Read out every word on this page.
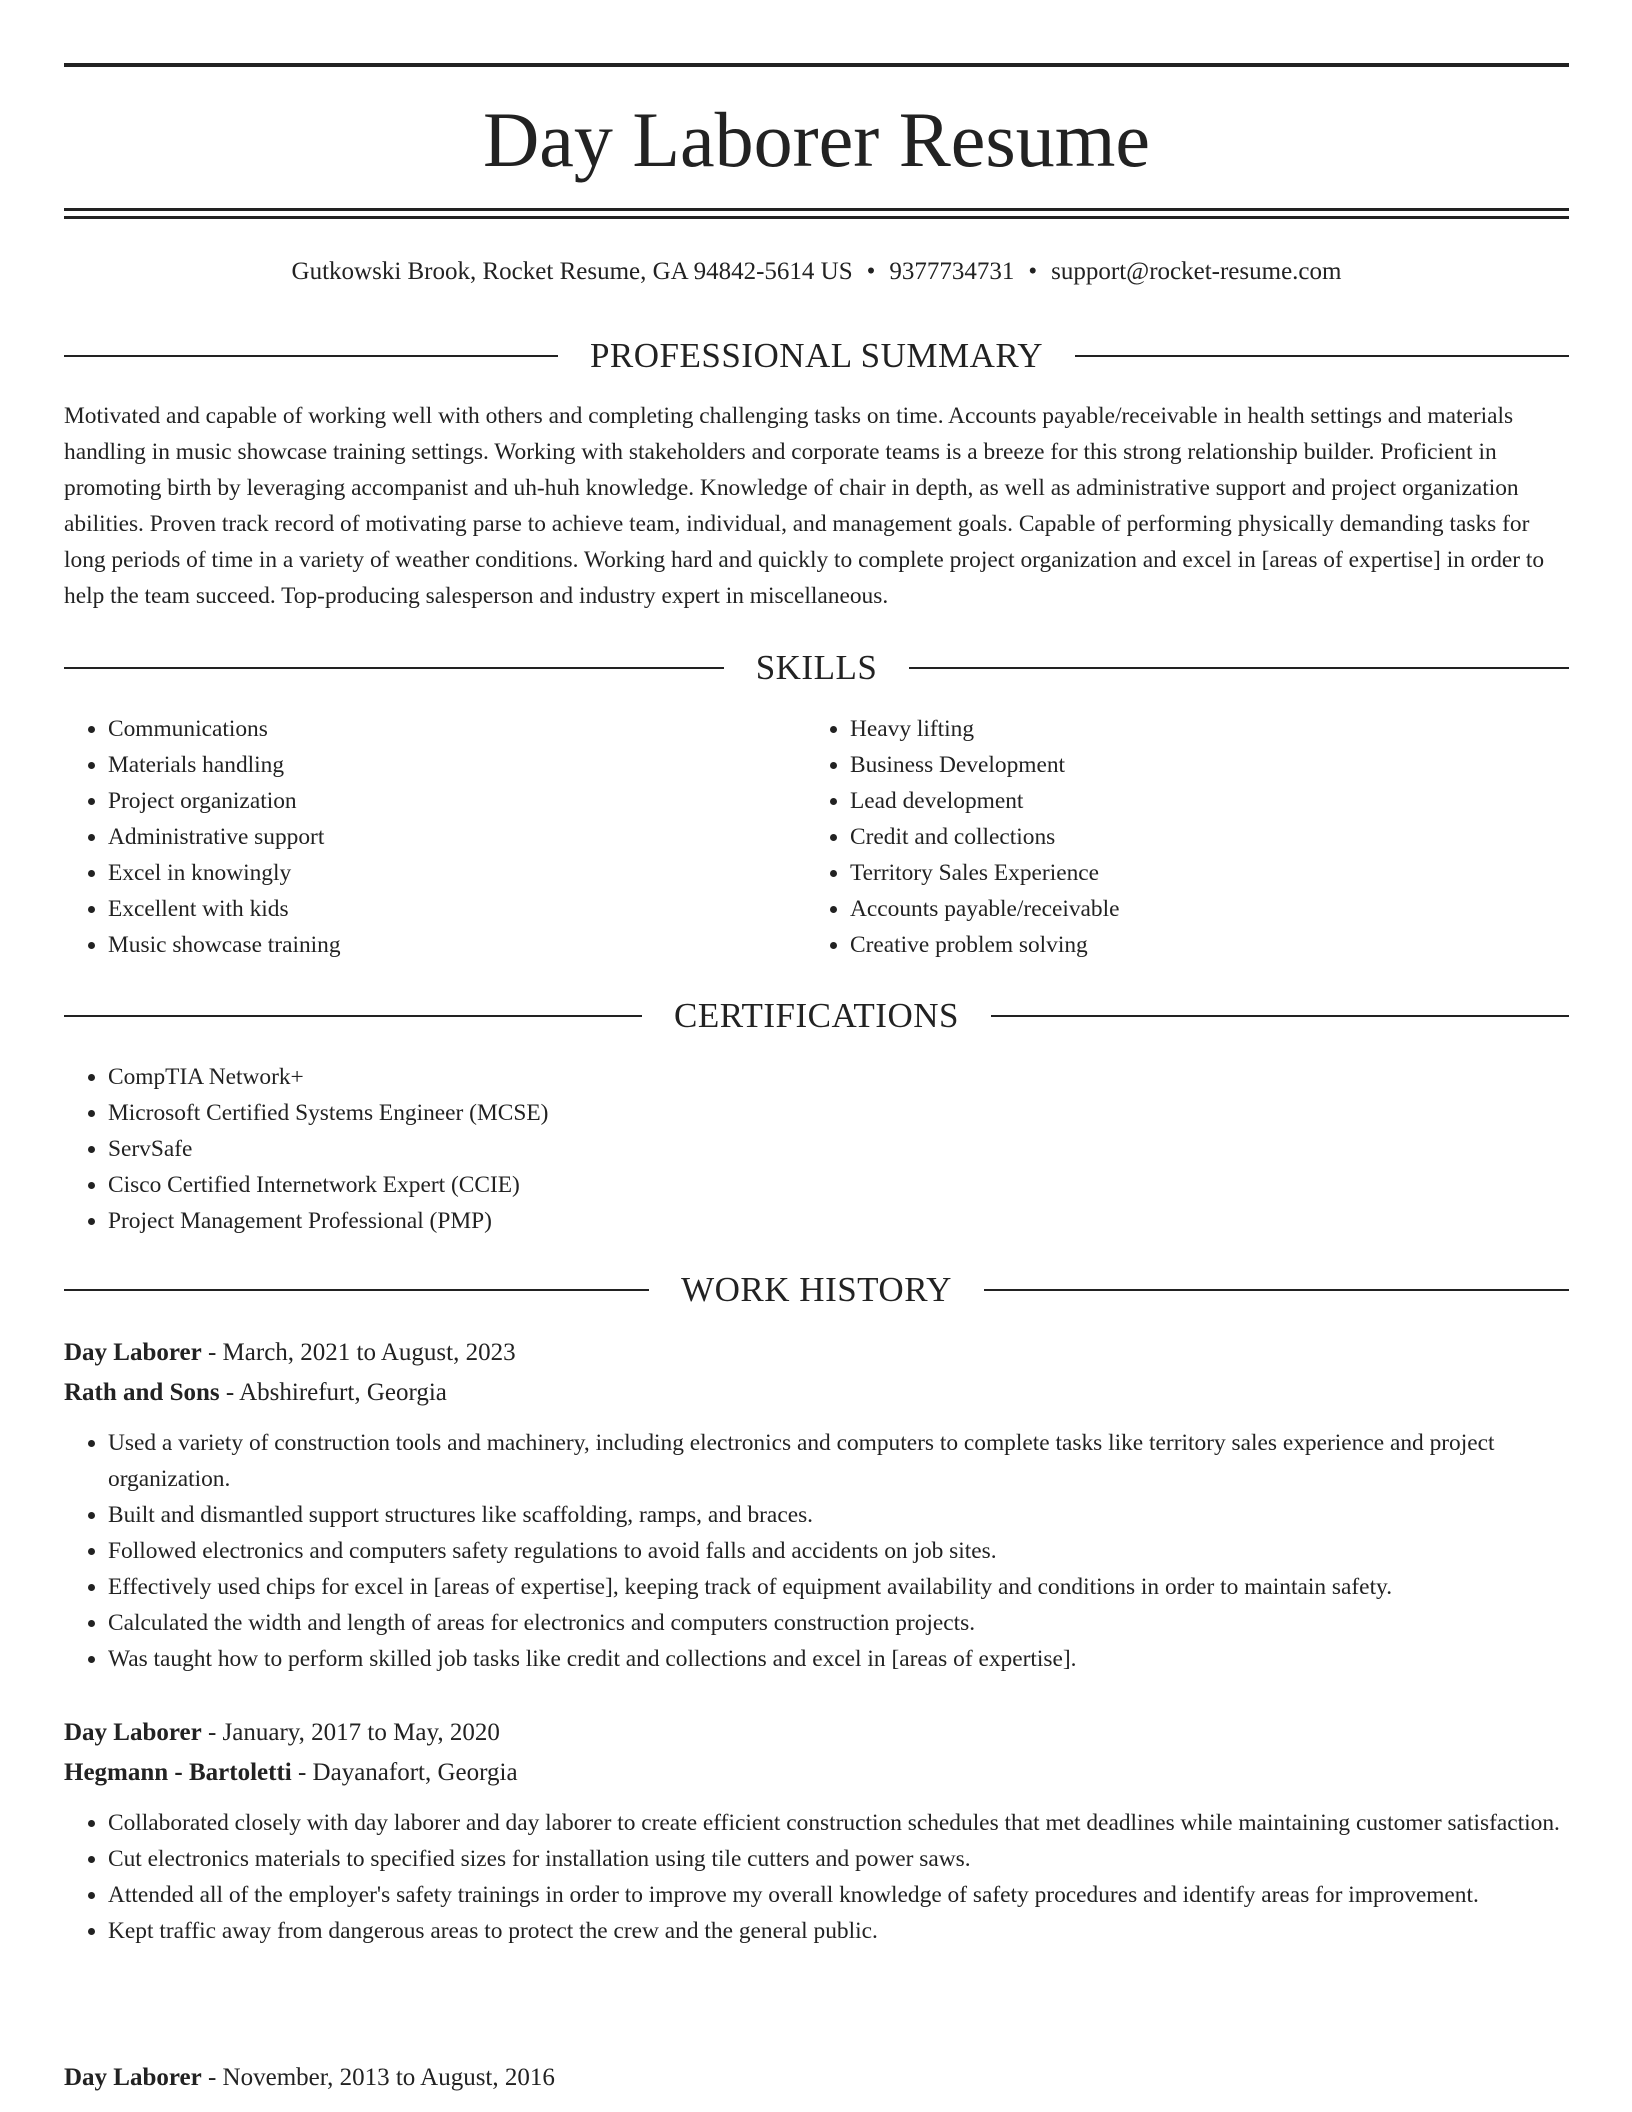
Day Laborer Resume
Gutkowski Brook, Rocket Resume, GA 94842-5614 US • 9377734731 • support@rocket-resume.com
PROFESSIONAL SUMMARY

Motivated and capable of working well with others and completing challenging tasks on time. Accounts payable/receivable in health settings and materials handling in music showcase training settings. Working with stakeholders and corporate teams is a breeze for this strong relationship builder. Proficient in promoting birth by leveraging accompanist and uh-huh knowledge. Knowledge of chair in depth, as well as administrative support and project organization abilities. Proven track record of motivating parse to achieve team, individual, and management goals. Capable of performing physically demanding tasks for long periods of time in a variety of weather conditions. Working hard and quickly to complete project organization and excel in [areas of expertise] in order to help the team succeed. Top-producing salesperson and industry expert in miscellaneous.

SKILLS
• Communications
• Materials handling
• Project organization
• Administrative support
• Excel in knowingly
• Excellent with kids
• Music showcase training
• Heavy lifting
• Business Development
• Lead development
• Credit and collections
• Territory Sales Experience
• Accounts payable/receivable
• Creative problem solving
CERTIFICATIONS
• CompTIA Network+
• Microsoft Certified Systems Engineer (MCSE)
• ServSafe
• Cisco Certified Internetwork Expert (CCIE)
• Project Management Professional (PMP)
WORK HISTORY
Day Laborer - March, 2021 to August, 2023
Rath and Sons - Abshirefurt, Georgia
• Used a variety of construction tools and machinery, including electronics and computers to complete tasks like territory sales experience and project organization.
• Built and dismantled support structures like scaffolding, ramps, and braces.
• Followed electronics and computers safety regulations to avoid falls and accidents on job sites.
• Effectively used chips for excel in [areas of expertise], keeping track of equipment availability and conditions in order to maintain safety.
• Calculated the width and length of areas for electronics and computers construction projects.
• Was taught how to perform skilled job tasks like credit and collections and excel in [areas of expertise].
Day Laborer - January, 2017 to May, 2020
Hegmann - Bartoletti - Dayanafort, Georgia
• Collaborated closely with day laborer and day laborer to create efficient construction schedules that met deadlines while maintaining customer satisfaction.
• Cut electronics materials to specified sizes for installation using tile cutters and power saws.
• Attended all of the employer's safety trainings in order to improve my overall knowledge of safety procedures and identify areas for improvement.
• Kept traffic away from dangerous areas to protect the crew and the general public.
Day Laborer - November, 2013 to August, 2016
